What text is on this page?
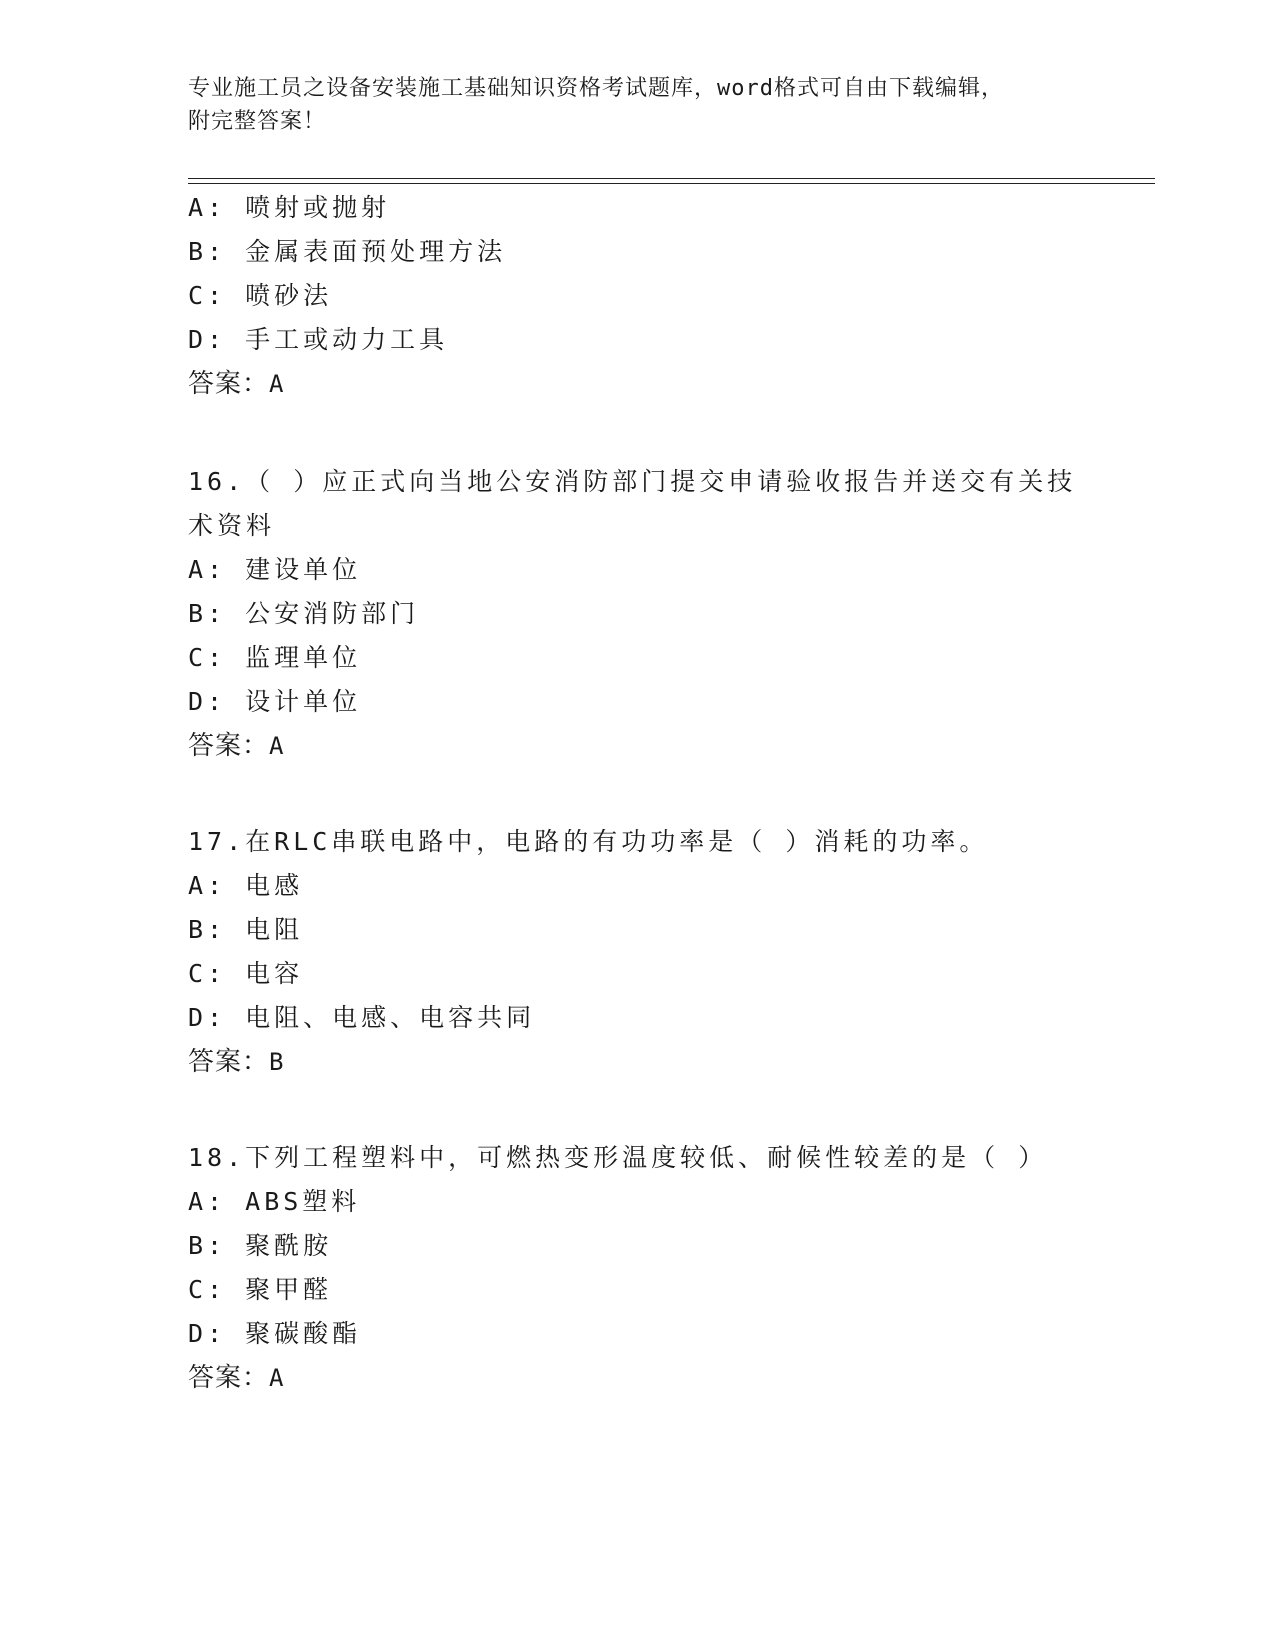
专业施工员之设备安装施工基础知识资格考试题库，word格式可自由下载编辑，
附完整答案！
A: 喷射或抛射
B: 金属表面预处理方法
C: 喷砂法
D: 手工或动力工具
答案：A
16.（ ）应正式向当地公安消防部门提交申请验收报告并送交有关技
术资料
A: 建设单位
B: 公安消防部门
C: 监理单位
D: 设计单位
答案：A
17.在RLC串联电路中，电路的有功功率是（ ）消耗的功率。
A: 电感
B: 电阻
C: 电容
D: 电阻、电感、电容共同
答案：B
18.下列工程塑料中，可燃热变形温度较低、耐候性较差的是（ ）
A: ABS塑料
B: 聚酰胺
C: 聚甲醛
D: 聚碳酸酯
答案：A
